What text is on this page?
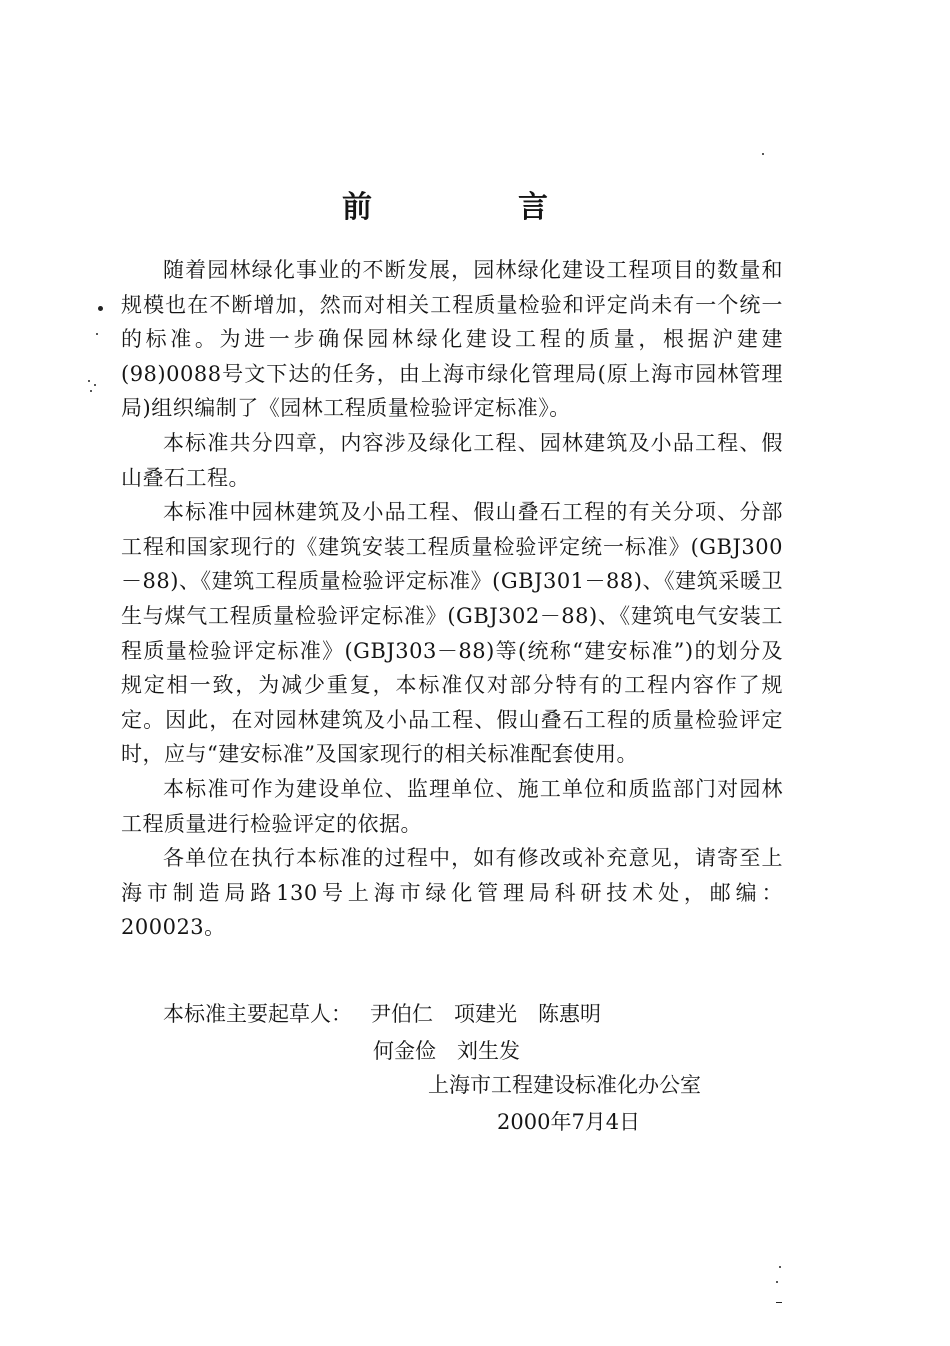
前　言

随着园林绿化事业的不断发展，园林绿化建设工程项目的数量和规模也在不断增加，然而对相关工程质量检验和评定尚未有一个统一的标准。为进一步确保园林绿化建设工程的质量，根据沪建建(98)0088号文下达的任务，由上海市绿化管理局(原上海市园林管理局)组织编制了《园林工程质量检验评定标准》。

本标准共分四章，内容涉及绿化工程、园林建筑及小品工程、假山叠石工程。

本标准中园林建筑及小品工程、假山叠石工程的有关分项、分部工程和国家现行的《建筑安装工程质量检验评定统一标准》(GBJ300－88)、《建筑工程质量检验评定标准》(GBJ301－88)、《建筑采暖卫生与煤气工程质量检验评定标准》(GBJ302－88)、《建筑电气安装工程质量检验评定标准》(GBJ303－88)等(统称“建安标准”)的划分及规定相一致，为减少重复，本标准仅对部分特有的工程内容作了规定。因此，在对园林建筑及小品工程、假山叠石工程的质量检验评定时，应与“建安标准”及国家现行的相关标准配套使用。

本标准可作为建设单位、监理单位、施工单位和质监部门对园林工程质量进行检验评定的依据。

各单位在执行本标准的过程中，如有修改或补充意见，请寄至上海市制造局路130号上海市绿化管理局科研技术处，邮编：200023。

本标准主要起草人： 尹伯仁　项建光　陈惠明
何金俭　刘生发
上海市工程建设标准化办公室
2000年7月4日
